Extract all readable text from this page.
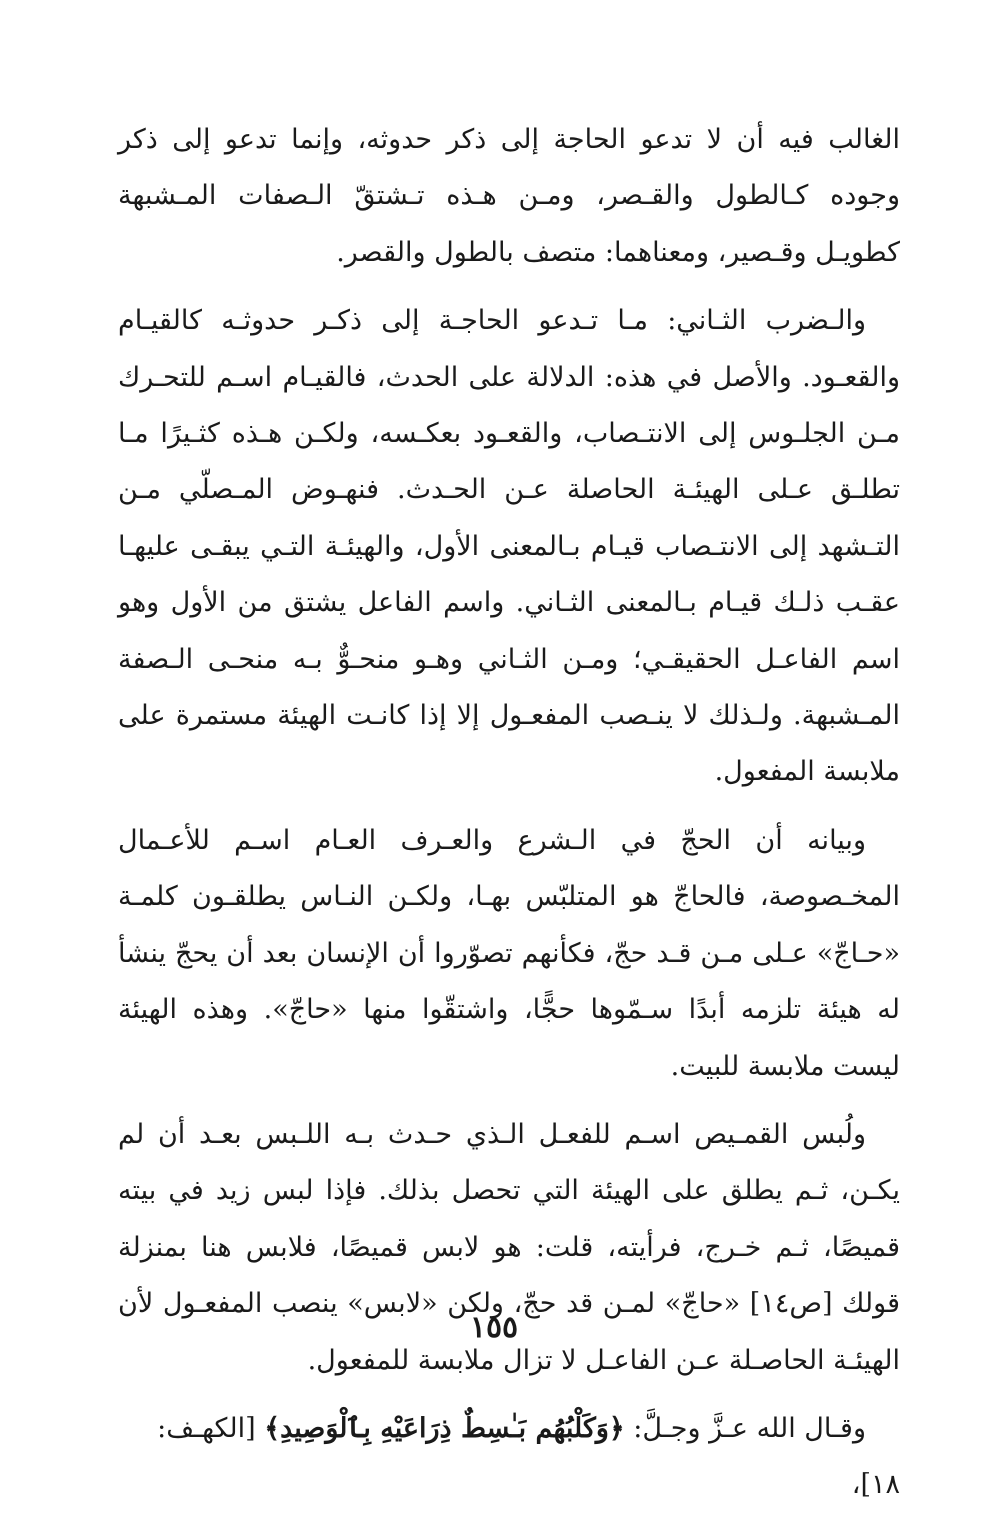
الغالب فيه أن لا تدعو الحاجة إلى ذكر حدوثه، وإنما تدعو إلى ذكر وجوده كـالطول والقـصر، ومـن هـذه تـشتقّ الـصفات المـشبهة كطويـل وقـصير، ومعناهما: متصف بالطول والقصر.

والـضرب الثـاني: مـا تـدعو الحاجـة إلى ذكـر حدوثـه كالقيـام والقعـود. والأصل في هذه: الدلالة على الحدث، فالقيـام اسـم للتحـرك مـن الجلـوس إلى الانتـصاب، والقعـود بعكـسه، ولكـن هـذه كثـيرًا مـا تطلـق عـلى الهيئـة الحاصلة عـن الحـدث. فنهـوض المـصلّي مـن التـشهد إلى الانتـصاب قيـام بـالمعنى الأول، والهيئـة التـي يبقـى عليهـا عقـب ذلـك قيـام بـالمعنى الثـاني. واسم الفاعل يشتق من الأول وهو اسم الفاعـل الحقيقـي؛ ومـن الثـاني وهـو منحـوٌّ بـه منحـى الـصفة المـشبهة. ولـذلك لا ينـصب المفعـول إلا إذا كانـت الهيئة مستمرة على ملابسة المفعول.

وبيانه أن الحجّ في الـشرع والعـرف العـام اسـم للأعـمال المخـصوصة، فالحاجّ هو المتلبّس بهـا، ولكـن النـاس يطلقـون كلمـة «حـاجّ» عـلى مـن قـد حجّ، فكأنهم تصوّروا أن الإنسان بعد أن يحجّ ينشأ له هيئة تلزمه أبدًا سـمّوها حجًّا، واشتقّوا منها «حاجّ». وهذه الهيئة ليست ملابسة للبيت.

ولُبس القمـيص اسـم للفعـل الـذي حـدث بـه اللـبس بعـد أن لم يكـن، ثـم يطلق على الهيئة التي تحصل بذلك. فإذا لبس زيد في بيته قميصًا، ثـم خـرج، فرأيته، قلت: هو لابس قميصًا، فلابس هنا بمنزلة قولك [ص١٤] «حاجّ» لمـن قد حجّ، ولكن «لابس» ينصب المفعـول لأن الهيئـة الحاصـلة عـن الفاعـل لا تزال ملابسة للمفعول.

وقـال الله عـزَّ وجـلَّ: ﴿وَكَلْبُهُم بَـٰسِطٌ ذِرَاعَيْهِ بِٱلْوَصِيدِ﴾ [الكهـف: ١٨]،

١٥٥
